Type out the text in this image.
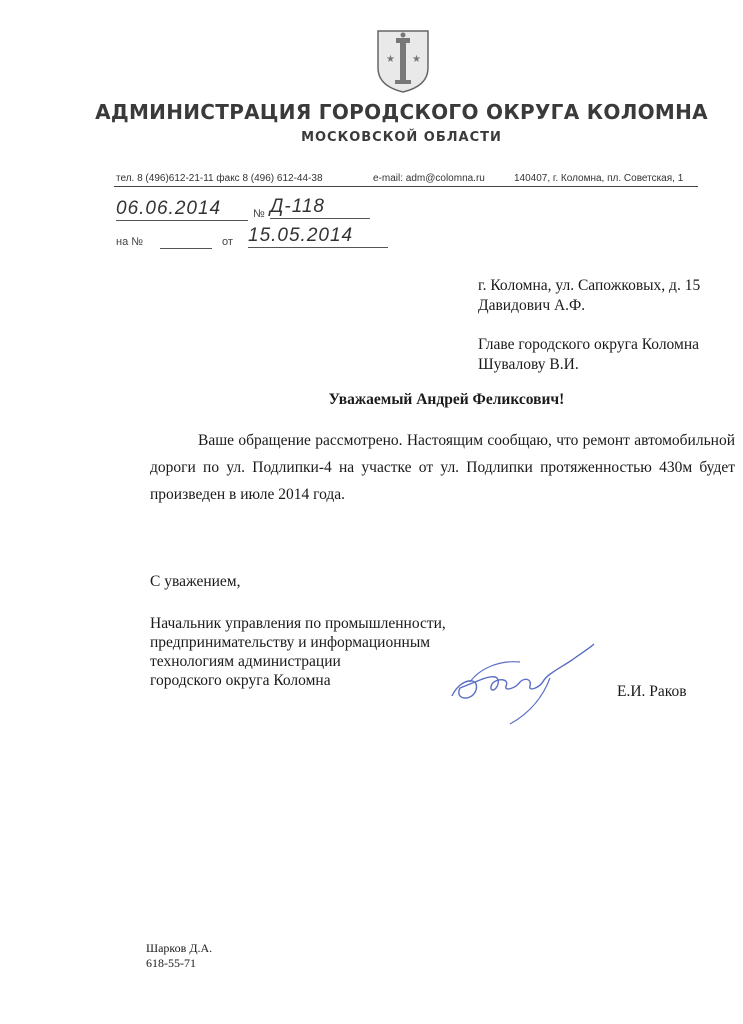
★ ★
АДМИНИСТРАЦИЯ ГОРОДСКОГО ОКРУГА КОЛОМНА
МОСКОВСКОЙ ОБЛАСТИ
тел. 8 (496)612-21-11 факс 8 (496) 612-44-38	e-mail: adm@colomna.ru	140407, г. Коломна, пл. Советская, 1
06.06.2014	№ Д-118
на №	от 15.05.2014
г. Коломна, ул. Сапожковых, д. 15
Давидович А.Ф.
Главе городского округа Коломна
Шувалову В.И.
Уважаемый Андрей Феликсович!
Ваше обращение рассмотрено. Настоящим сообщаю, что ремонт автомобильной дороги по ул. Подлипки-4 на участке от ул. Подлипки протяженностью 430м будет произведен в июле 2014 года.
С уважением,
Начальник управления по промышленности,
предпринимательству и информационным
технологиям администрации
городского округа Коломна
Е.И. Раков
Шарков Д.А.
618-55-71
